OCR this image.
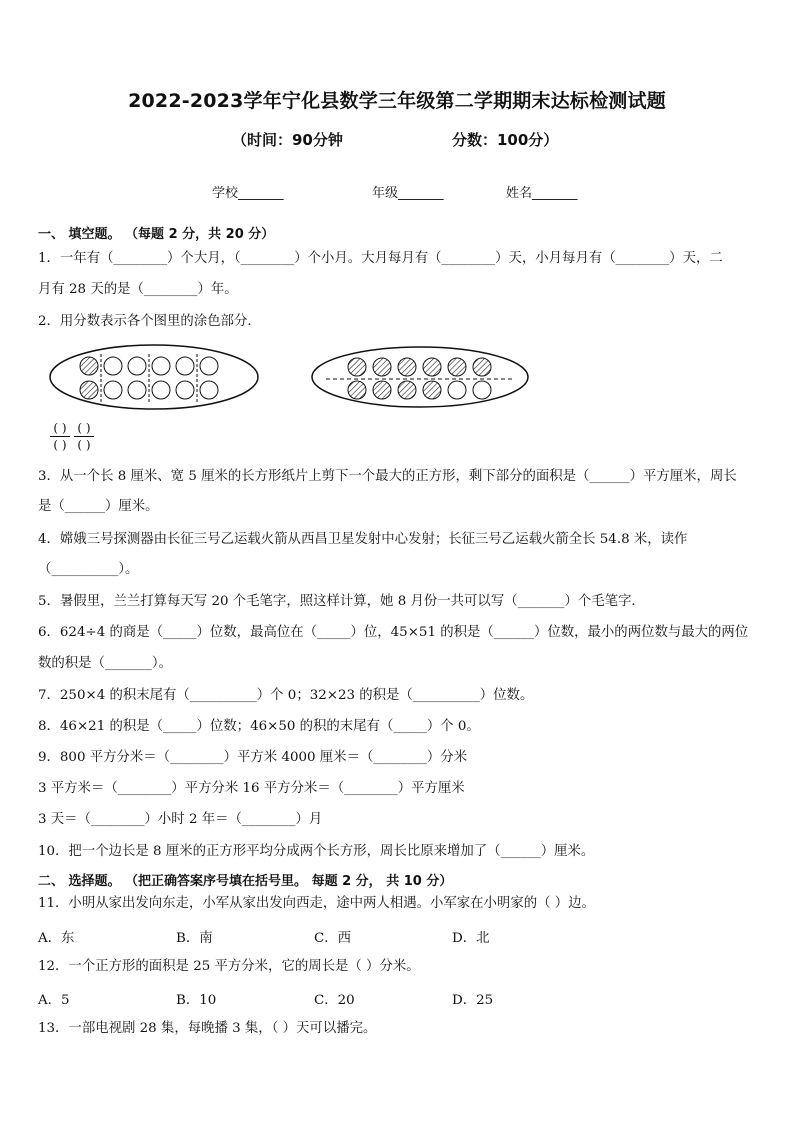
2022-2023学年宁化县数学三年级第二学期期末达标检测试题
（时间：90分钟	分数：100分）
学校_______	年级_______	姓名_______
一、 填空题。 （每题 2 分，共 20 分）
1．一年有（________）个大月，（________）个小月。大月每月有（________）天，小月每月有（________）天，二
月有 28 天的是（________）年。
2．用分数表示各个图里的涂色部分．
( )
( )
( )
( )
3．从一个长 8 厘米、宽 5 厘米的长方形纸片上剪下一个最大的正方形，剩下部分的面积是（______）平方厘米，周长
是（______）厘米。
4．嫦娥三号探测器由长征三号乙运载火箭从西昌卫星发射中心发射；长征三号乙运载火箭全长 54.8 米，读作
（__________）。
5．暑假里，兰兰打算每天写 20 个毛笔字，照这样计算，她 8 月份一共可以写（_______）个毛笔字．
6．624÷4 的商是（_____）位数，最高位在（_____）位，45×51 的积是（______）位数，最小的两位数与最大的两位
数的积是（_______）。
7．250×4 的积末尾有（__________）个 0；32×23 的积是（__________）位数。
8．46×21 的积是（_____）位数；46×50 的积的末尾有（_____）个 0。
9．800 平方分米＝（________）平方米 4000 厘米＝（________）分米
3 平方米＝（________）平方分米 16 平方分米＝（________）平方厘米
3 天＝（________）小时 2 年＝（________）月
10．把一个边长是 8 厘米的正方形平均分成两个长方形，周长比原来增加了（______）厘米。
二、 选择题。 （把正确答案序号填在括号里。 每题 2 分， 共 10 分）
11．小明从家出发向东走，小军从家出发向西走，途中两人相遇。小军家在小明家的（ ）边。
A．东	B．南	C．西	D．北
12．一个正方形的面积是 25 平方分米，它的周长是（ ）分米。
A．5	B．10	C．20	D．25
13．一部电视剧 28 集，每晚播 3 集，（ ）天可以播完。
